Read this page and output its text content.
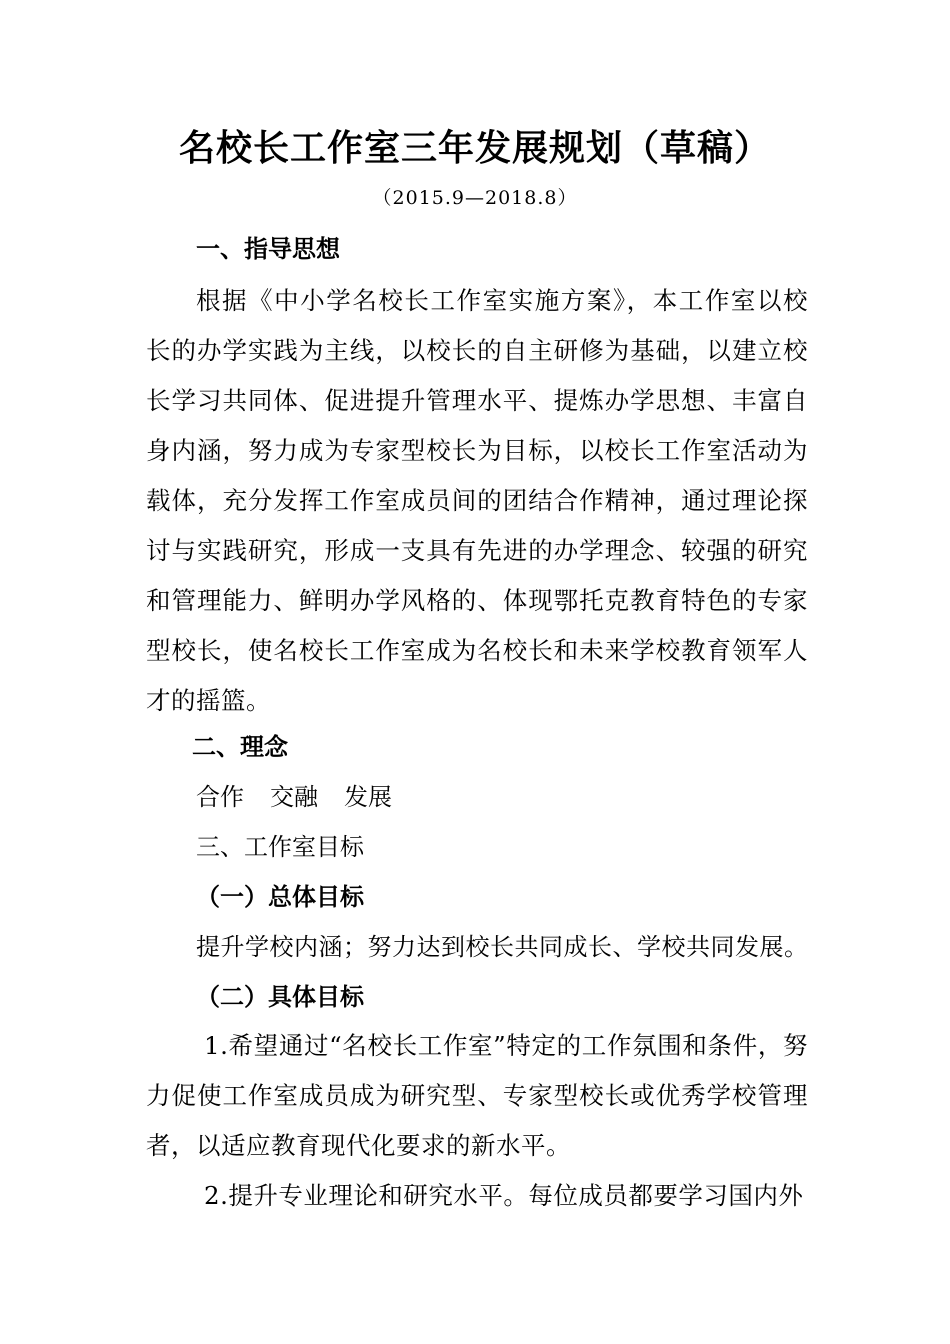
名校长工作室三年发展规划（草稿）
（2015.9—2018.8）
一、指导思想
根据《中小学名校长工作室实施方案》，本工作室以校长的办学实践为主线，以校长的自主研修为基础，以建立校长学习共同体、促进提升管理水平、提炼办学思想、丰富自身内涵，努力成为专家型校长为目标，以校长工作室活动为载体，充分发挥工作室成员间的团结合作精神，通过理论探讨与实践研究，形成一支具有先进的办学理念、较强的研究和管理能力、鲜明办学风格的、体现鄂托克教育特色的专家型校长，使名校长工作室成为名校长和未来学校教育领军人才的摇篮。
二、理念
合作 交融 发展
三、工作室目标
（一）总体目标
提升学校内涵；努力达到校长共同成长、学校共同发展。
（二）具体目标
1.希望通过“名校长工作室”特定的工作氛围和条件，努力促使工作室成员成为研究型、专家型校长或优秀学校管理者，以适应教育现代化要求的新水平。
2.提升专业理论和研究水平。每位成员都要学习国内外
